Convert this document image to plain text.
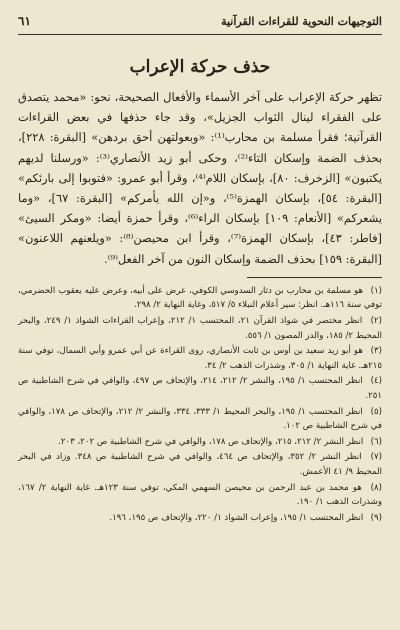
التوجيهات النحوية للقراءات القرآنية
٦١
حذف حركة الإعراب

تظهر حركة الإعراب على آخر الأسماء والأفعال الصحيحة، نحو: «محمد يتصدق على الفقراء لينال الثواب الجزيل»، وقد جاء حذفها في بعض القراءات القرآنية؛ فقرأ مسلمة بن محارب⁽¹⁾: «وبعولتهن أحق بردهن» [البقرة: ٢٢٨]، بحذف الضمة وإسكان التاء⁽²⁾، وحكى أبو زيد الأنصاري⁽³⁾: «ورسلنا لديهم يكتبون» [الزخرف: ٨٠]، بإسكان اللام⁽⁴⁾، وقرأ أبو عمرو: «فتوبوا إلى بارئكم» [البقرة: ٥٤]، بإسكان الهمزة⁽⁵⁾، و«إن الله يأمركم» [البقرة: ٦٧]، «وما يشعركم» [الأنعام: ١٠٩] بإسكان الراء⁽⁶⁾، وقرأ حمزة أيضا: «ومكر السيئ» [فاطر: ٤٣]، بإسكان الهمزة⁽⁷⁾، وقرأ ابن محيصن⁽⁸⁾: «ويلعنهم اللاعنون» [البقرة: ١٥٩] بحذف الضمة وإسكان النون من آخر الفعل⁽⁹⁾.

(١) هو مسلمة بن محارب بن دثار السدوسي الكوفي، عرض على أبيه، وعرض عليه يعقوب الحضرمي، توفي سنة ١١٦هـ. انظر: سير أعلام النبلاء ٥/ ٥١٧، وغاية النهاية ٢/ ٢٩٨.
(٢) انظر مختصر في شواذ القرآن ٢١، المحتسب ١/ ٢١٢، وإعراب القراءات الشواذ ١/ ٢٤٩، والبحر المحيط ٢/ ١٨٥، والدر المصون ١/ ٥٥٦.
(٣) هو أبو زيد سعيد بن أوس بن ثابت الأنصاري، روى القراءة عن أبي عمرو وأبي السمال، توفي سنة ٢١٥هـ. غاية النهاية ١/ ٣٠٥، وشذرات الذهب ٢/ ٣٤.
(٤) انظر المحتسب ١/ ١٩٥، والنشر ٢/ ٢١٢، ٢١٤، والإتحاف ص ٤٩٧، والوافي في شرح الشاطبية ص ٢٥١.
(٥) انظر المحتسب ١/ ١٩٥، والبحر المحيط ١/ ٣٣٣، ٣٣٤، والنشر ٢/ ٢١٢، والإتحاف ص ١٧٨، والوافي في شرح الشاطبية ص ١٠٢.
(٦) انظر النشر ٢/ ٢١٢، ٢١٥، والإتحاف ص ١٧٨، والوافي في شرح الشاطبية ص ٢٠٢، ٢٠٣.
(٧) انظر النشر ٢/ ٣٥٢، والإتحاف ص ٤٦٤، والوافي في شرح الشاطبية ص ٣٤٨. وزاد في البحر المحيط ٩/ ٤١ الأعمش.
(٨) هو محمد بن عبد الرحمن بن محيصن السهمي المكي، توفي سنة ١٢٣هـ. غاية النهاية ٢/ ١٦٧، وشذرات الذهب ١/ ١٩٠.
(٩) انظر المحتسب ١/ ١٩٥، وإعراب الشواذ ١/ ٢٢٠، والإتحاف ص ١٩٥، ١٩٦.
